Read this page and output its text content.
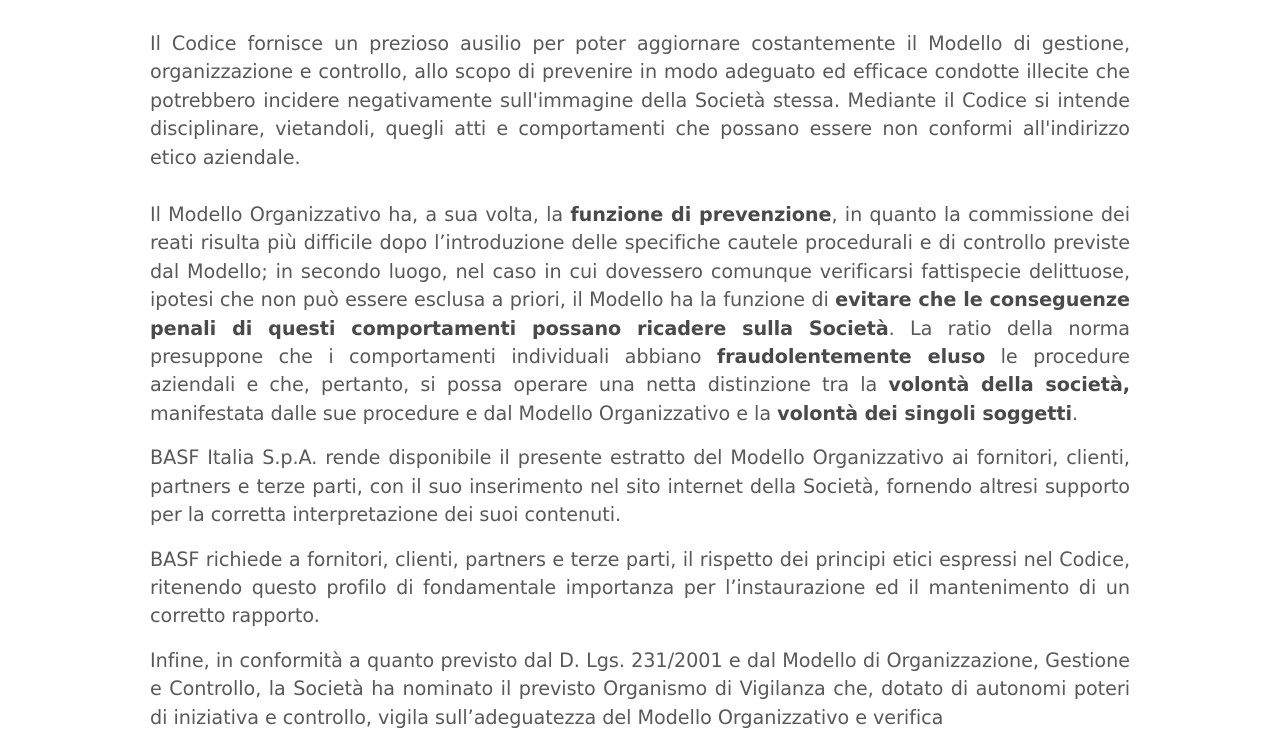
Il Codice fornisce un prezioso ausilio per poter aggiornare costantemente il Modello di gestione, organizzazione e controllo, allo scopo di prevenire in modo adeguato ed efficace condotte illecite che potrebbero incidere negativamente sull'immagine della Società stessa. Mediante il Codice si intende disciplinare, vietandoli, quegli atti e comportamenti che possano essere non conformi all'indirizzo etico aziendale.

Il Modello Organizzativo ha, a sua volta, la funzione di prevenzione, in quanto la commissione dei reati risulta più difficile dopo l’introduzione delle specifiche cautele procedurali e di controllo previste dal Modello; in secondo luogo, nel caso in cui dovessero comunque verificarsi fattispecie delittuose, ipotesi che non può essere esclusa a priori, il Modello ha la funzione di evitare che le conseguenze penali di questi comportamenti possano ricadere sulla Società. La ratio della norma presuppone che i comportamenti individuali abbiano fraudolentemente eluso le procedure aziendali e che, pertanto, si possa operare una netta distinzione tra la volontà della società, manifestata dalle sue procedure e dal Modello Organizzativo e la volontà dei singoli soggetti.

BASF Italia S.p.A. rende disponibile il presente estratto del Modello Organizzativo ai fornitori, clienti, partners e terze parti, con il suo inserimento nel sito internet della Società, fornendo altresi supporto per la corretta interpretazione dei suoi contenuti.

BASF richiede a fornitori, clienti, partners e terze parti, il rispetto dei principi etici espressi nel Codice, ritenendo questo profilo di fondamentale importanza per l’instaurazione ed il mantenimento di un corretto rapporto.

Infine, in conformità a quanto previsto dal D. Lgs. 231/2001 e dal Modello di Organizzazione, Gestione e Controllo, la Società ha nominato il previsto Organismo di Vigilanza che, dotato di autonomi poteri di iniziativa e controllo, vigila sull’adeguatezza del Modello Organizzativo e verifica
